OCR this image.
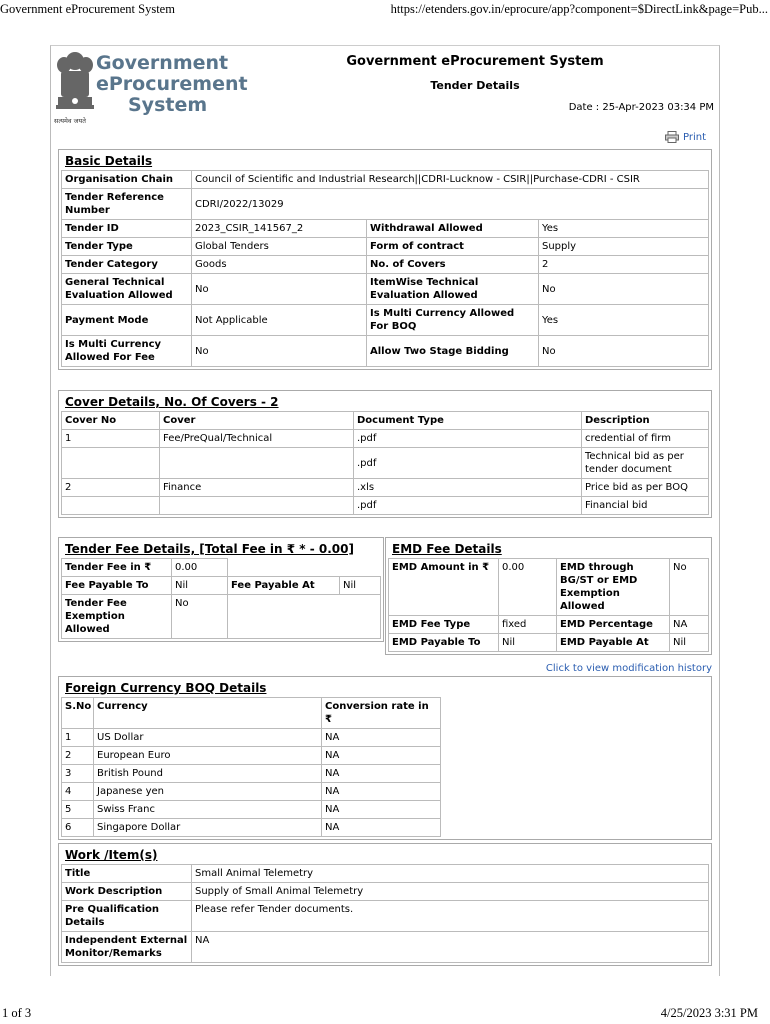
Government eProcurement System	https://etenders.gov.in/eprocure/app?component=$DirectLink&page=Pub...
Government
eProcurement
System
सत्यमेव जयते
Government eProcurement System
Tender Details
Date : 25-Apr-2023 03:34 PM
Print
Basic Details
Organisation Chain	Council of Scientific and Industrial Research||CDRI-Lucknow - CSIR||Purchase-CDRI - CSIR		
Tender Reference Number	CDRI/2022/13029		
Tender ID	2023_CSIR_141567_2	Withdrawal Allowed	Yes
Tender Type	Global Tenders	Form of contract	Supply
Tender Category	Goods	No. of Covers	2
General Technical Evaluation Allowed	No	ItemWise Technical Evaluation Allowed	No
Payment Mode	Not Applicable	Is Multi Currency Allowed For BOQ	Yes
Is Multi Currency Allowed For Fee	No	Allow Two Stage Bidding	No
Cover Details, No. Of Covers - 2
Cover No	Cover	Document Type	Description
1	Fee/PreQual/Technical	.pdf	credential of firm
		.pdf	Technical bid as per tender document
2	Finance	.xls	Price bid as per BOQ
		.pdf	Financial bid
Tender Fee Details, [Total Fee in ₹ * - 0.00]
Tender Fee in ₹	0.00		
Fee Payable To	Nil	Fee Payable At	Nil
Tender Fee Exemption Allowed	No		
EMD Fee Details
EMD Amount in ₹	0.00	EMD through BG/ST or EMD Exemption Allowed	No
EMD Fee Type	fixed	EMD Percentage	NA
EMD Payable To	Nil	EMD Payable At	Nil
Click to view modification history
Foreign Currency BOQ Details
S.No	Currency	Conversion rate in ₹
1	US Dollar	NA
2	European Euro	NA
3	British Pound	NA
4	Japanese yen	NA
5	Swiss Franc	NA
6	Singapore Dollar	NA
Work /Item(s)
Title	Small Animal Telemetry
Work Description	Supply of Small Animal Telemetry
Pre Qualification Details	Please refer Tender documents.
Independent External Monitor/Remarks	NA
1 of 3	4/25/2023 3:31 PM
